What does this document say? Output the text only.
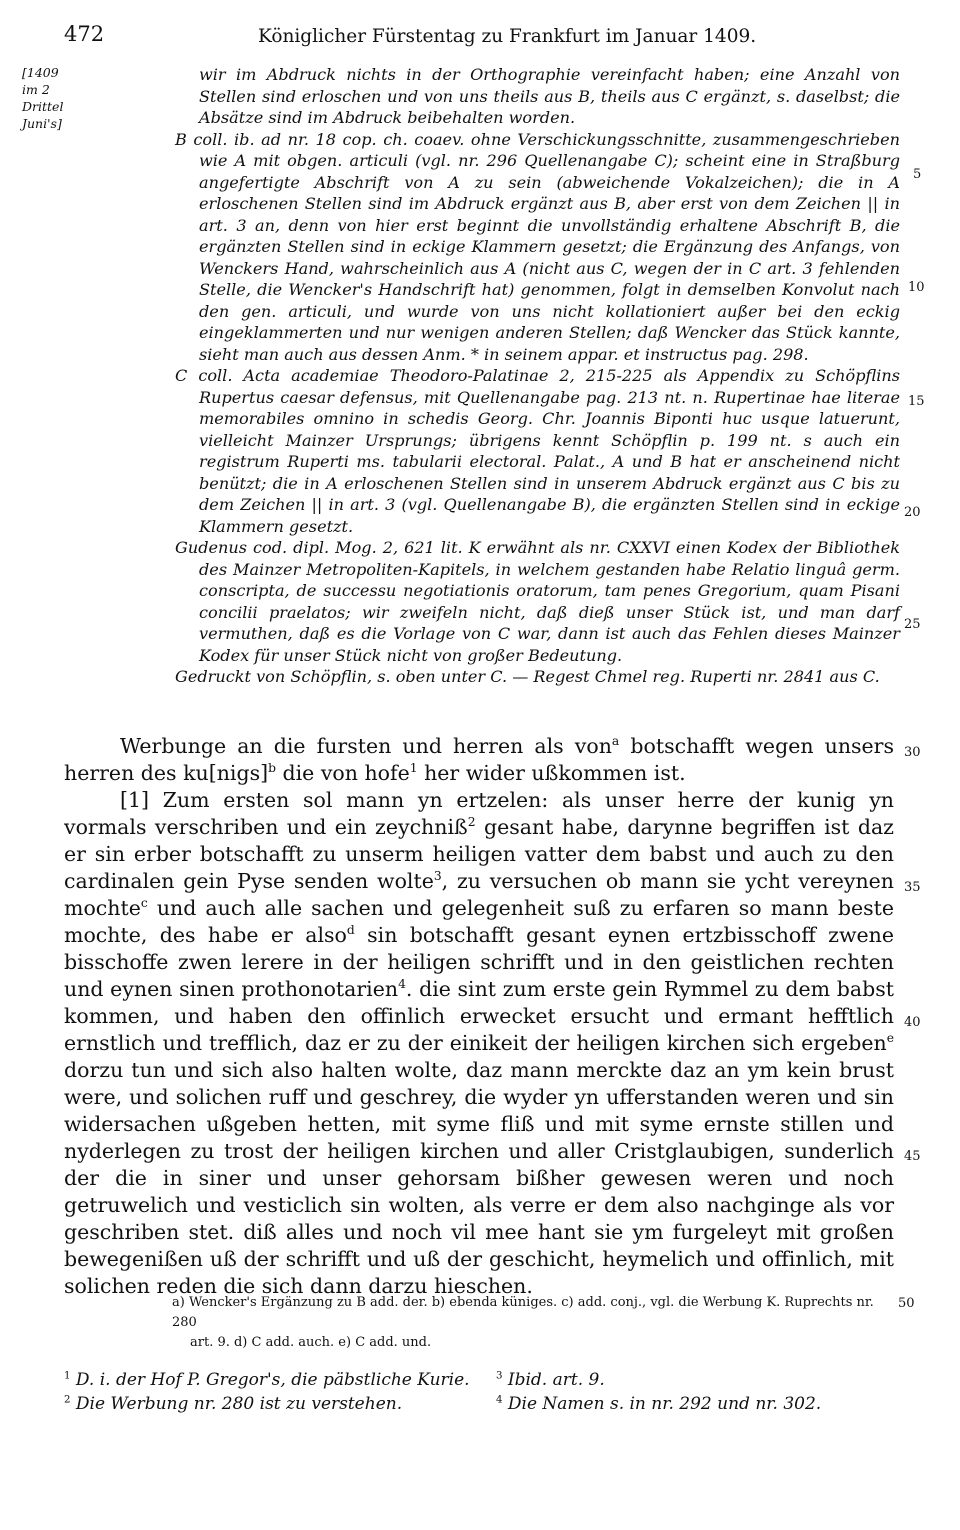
472	Königlicher Fürstentag zu Frankfurt im Januar 1409.
[1409
im 2
Drittel
Juni's]

wir im Abdruck nichts in der Orthographie vereinfacht haben; eine Anzahl von Stellen sind erloschen und von uns theils aus B, theils aus C ergänzt, s. daselbst; die Absätze sind im Abdruck beibehalten worden.

B coll. ib. ad nr. 18 cop. ch. coaev. ohne Verschickungsschnitte, zusammengeschrieben wie A mit obgen. articuli (vgl. nr. 296 Quellenangabe C); scheint eine in Straßburg angefertigte Abschrift von A zu sein (abweichende Vokalzeichen); die in A erloschenen Stellen sind im Abdruck ergänzt aus B, aber erst von dem Zeichen || in art. 3 an, denn von hier erst beginnt die unvollständig erhaltene Abschrift B, die ergänzten Stellen sind in eckige Klammern gesetzt; die Ergänzung des Anfangs, von Wenckers Hand, wahrscheinlich aus A (nicht aus C, wegen der in C art. 3 fehlenden Stelle, die Wencker's Handschrift hat) genommen, folgt in demselben Konvolut nach den gen. articuli, und wurde von uns nicht kollationiert außer bei den eckig eingeklammerten und nur wenigen anderen Stellen; daß Wencker das Stück kannte, sieht man auch aus dessen Anm. * in seinem appar. et instructus pag. 298.

C coll. Acta academiae Theodoro-Palatinae 2, 215-225 als Appendix zu Schöpflins Rupertus caesar defensus, mit Quellenangabe pag. 213 nt. n. Rupertinae hae literae memorabiles omnino in schedis Georg. Chr. Joannis Biponti huc usque latuerunt, vielleicht Mainzer Ursprungs; übrigens kennt Schöpflin p. 199 nt. s auch ein registrum Ruperti ms. tabularii electoral. Palat., A und B hat er anscheinend nicht benützt; die in A erloschenen Stellen sind in unserem Abdruck ergänzt aus C bis zu dem Zeichen || in art. 3 (vgl. Quellenangabe B), die ergänzten Stellen sind in eckige Klammern gesetzt.

Gudenus cod. dipl. Mog. 2, 621 lit. K erwähnt als nr. CXXVI einen Kodex der Bibliothek des Mainzer Metropoliten-Kapitels, in welchem gestanden habe Relatio linguâ germ. conscripta, de successu negotiationis oratorum, tam penes Gregorium, quam Pisani concilii praelatos; wir zweifeln nicht, daß dieß unser Stück ist, und man darf vermuthen, daß es die Vorlage von C war, dann ist auch das Fehlen dieses Mainzer Kodex für unser Stück nicht von großer Bedeutung.

Gedruckt von Schöpflin, s. oben unter C. — Regest Chmel reg. Ruperti nr. 2841 aus C.

Werbunge an die fursten und herren als von$^a$ botschafft wegen unsers herren des ku[nigs]$^b$ die von hofe$^1$ her wider ußkommen ist.

[1] Zum ersten sol mann yn ertzelen: als unser herre der kunig yn vormals verschriben und ein zeychniß$^2$ gesant habe, darynne begriffen ist daz er sin erber botschafft zu unserm heiligen vatter dem babst und auch zu den cardinalen gein Pyse senden wolte$^3$, zu versuchen ob mann sie ycht vereynen mochte$^c$ und auch alle sachen und gelegenheit suß zu erfaren so mann beste mochte, des habe er also$^d$ sin botschafft gesant eynen ertzbisschoff zwene bisschoffe zwen lerere in der heiligen schrifft und in den geistlichen rechten und eynen sinen prothonotarien$^4$. die sint zum erste gein Rymmel zu dem babst kommen, und haben den offinlich erwecket ersucht und ermant hefftlich ernstlich und trefflich, daz er zu der einikeit der heiligen kirchen sich ergeben$^e$ dorzu tun und sich also halten wolte, daz mann merckte daz an ym kein brust were, und solichen ruff und geschrey, die wyder yn ufferstanden weren und sin widersachen ußgeben hetten, mit syme fliß und mit syme ernste stillen und nyderlegen zu trost der heiligen kirchen und aller Cristglaubigen, sunderlich der die in siner und unser gehorsam bißher gewesen weren und noch getruwelich und vesticlich sin wolten, als verre er dem also nachginge als vor geschriben stet. diß alles und noch vil mee hant sie ym furgeleyt mit großen bewegenißen uß der schrifft und uß der geschicht, heymelich und offinlich, mit solichen reden die sich dann darzu hieschen.

5
10
15
20
25
30
35
40
45
50
a) Wencker's Ergänzung zu B add. der. b) ebenda küniges. c) add. conj., vgl. die Werbung K. Ruprechts nr. 280
art. 9. d) C add. auch. e) C add. und.
$^1$ D. i. der Hof P. Gregor's, die päbstliche Kurie.
$^2$ Die Werbung nr. 280 ist zu verstehen.
$^3$ Ibid. art. 9.
$^4$ Die Namen s. in nr. 292 und nr. 302.
